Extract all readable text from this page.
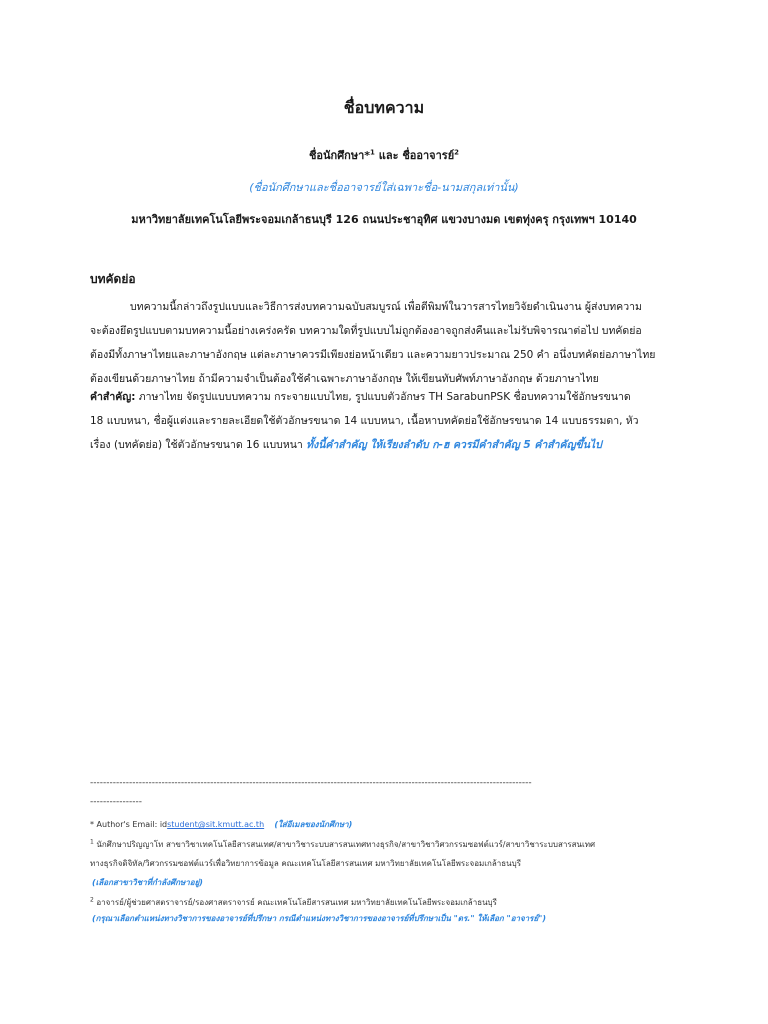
ชื่อบทความ
ชื่อนักศึกษา*$^1$ และ ชื่ออาจารย์$^2$
(ชื่อนักศึกษาและชื่ออาจารย์ใส่เฉพาะชื่อ-นามสกุลเท่านั้น)
มหาวิทยาลัยเทคโนโลยีพระจอมเกล้าธนบุรี 126 ถนนประชาอุทิศ แขวงบางมด เขตทุ่งครุ กรุงเทพฯ 10140
บทคัดย่อ
บทความนี้กล่าวถึงรูปแบบและวิธีการส่งบทความฉบับสมบูรณ์ เพื่อตีพิมพ์ในวารสารไทยวิจัยดำเนินงาน ผู้ส่งบทความ
จะต้องยึดรูปแบบตามบทความนี้อย่างเคร่งครัด บทความใดที่รูปแบบไม่ถูกต้องอาจถูกส่งคืนและไม่รับพิจารณาต่อไป บทคัดย่อ
ต้องมีทั้งภาษาไทยและภาษาอังกฤษ แต่ละภาษาควรมีเพียงย่อหน้าเดียว และความยาวประมาณ 250 คำ อนึ่งบทคัดย่อภาษาไทย
ต้องเขียนด้วยภาษาไทย ถ้ามีความจำเป็นต้องใช้คำเฉพาะภาษาอังกฤษ ให้เขียนทับศัพท์ภาษาอังกฤษ ด้วยภาษาไทย
คำสำคัญ: ภาษาไทย จัดรูปแบบบทความ กระจายแบบไทย, รูปแบบตัวอักษร TH SarabunPSK ชื่อบทความใช้อักษรขนาด
18 แบบหนา, ชื่อผู้แต่งและรายละเอียดใช้ตัวอักษรขนาด 14 แบบหนา, เนื้อหาบทคัดย่อใช้อักษรขนาด 14 แบบธรรมดา, หัว
เรื่อง (บทคัดย่อ) ใช้ตัวอักษรขนาด 16 แบบหนา ทั้งนี้คำสำคัญ ให้เรียงลำดับ ก-ฮ ควรมีคำสำคัญ 5 คำสำคัญขึ้นไป
----------------------------------------------------------------------------------------------------------------------------------------
----------------
* Author's Email: idstudent@sit.kmutt.ac.th (ใส่อีเมลของนักศึกษา)
$^1$ นักศึกษาปริญญาโท สาขาวิชาเทคโนโลยีสารสนเทศ/สาขาวิชาระบบสารสนเทศทางธุรกิจ/สาขาวิชาวิศวกรรมซอฟต์แวร์/สาขาวิชาระบบสารสนเทศ
ทางธุรกิจดิจิทัล/วิศวกรรมซอฟต์แวร์เพื่อวิทยาการข้อมูล คณะเทคโนโลยีสารสนเทศ มหาวิทยาลัยเทคโนโลยีพระจอมเกล้าธนบุรี
(เลือกสาขาวิชาที่กำลังศึกษาอยู่)
$^2$ อาจารย์/ผู้ช่วยศาสตราจารย์/รองศาสตราจารย์ คณะเทคโนโลยีสารสนเทศ มหาวิทยาลัยเทคโนโลยีพระจอมเกล้าธนบุรี
(กรุณาเลือกตำแหน่งทางวิชาการของอาจารย์ที่ปรึกษา กรณีตำแหน่งทางวิชาการของอาจารย์ที่ปรึกษาเป็น "ดร." ให้เลือก "อาจารย์")
